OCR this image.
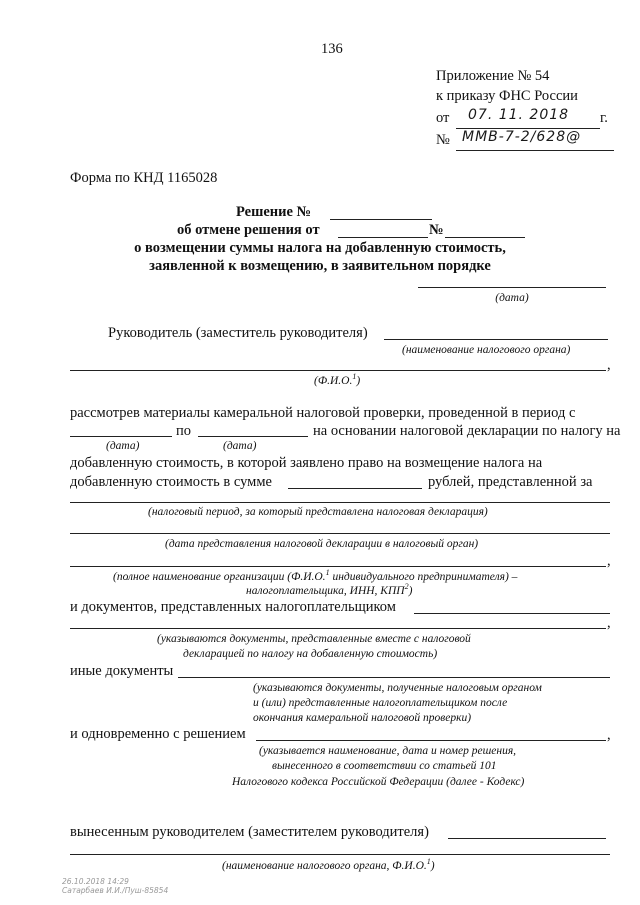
136
Приложение № 54
к приказу ФНС России
от 07. 11. 2018 г.
№ ММВ-7-2/628@
Форма по КНД 1165028
Решение №
об отмене решения от	№
о возмещении суммы налога на добавленную стоимость,
заявленной к возмещению, в заявительном порядке
(дата)
Руководитель (заместитель руководителя)
(наименование налогового органа)
,
(Ф.И.О.$^1$)
рассмотрев материалы камеральной налоговой проверки, проведенной в период с
по	на основании налоговой декларации по налогу на
(дата)	(дата)
добавленную стоимость, в которой заявлено право на возмещение налога на
добавленную стоимость в сумме	рублей, представленной за
(налоговый период, за который представлена налоговая декларация)
(дата представления налоговой декларации в налоговый орган)
,
(полное наименование организации (Ф.И.О.$^1$ индивидуального предпринимателя) –
налогоплательщика, ИНН, КПП$^2$)
и документов, представленных налогоплательщиком
,
(указываются документы, представленные вместе с налоговой
декларацией по налогу на добавленную стоимость)
иные документы
(указываются документы, полученные налоговым органом
и (или) представленные налогоплательщиком после
окончания камеральной налоговой проверки)
и одновременно с решением	,
(указывается наименование, дата и номер решения,
вынесенного в соответствии со статьей 101
Налогового кодекса Российской Федерации (далее - Кодекс)
вынесенным руководителем (заместителем руководителя)
(наименование налогового органа, Ф.И.О.$^1$)
26.10.2018 14:29
Сатарбаев И.И./Пуш-85854
